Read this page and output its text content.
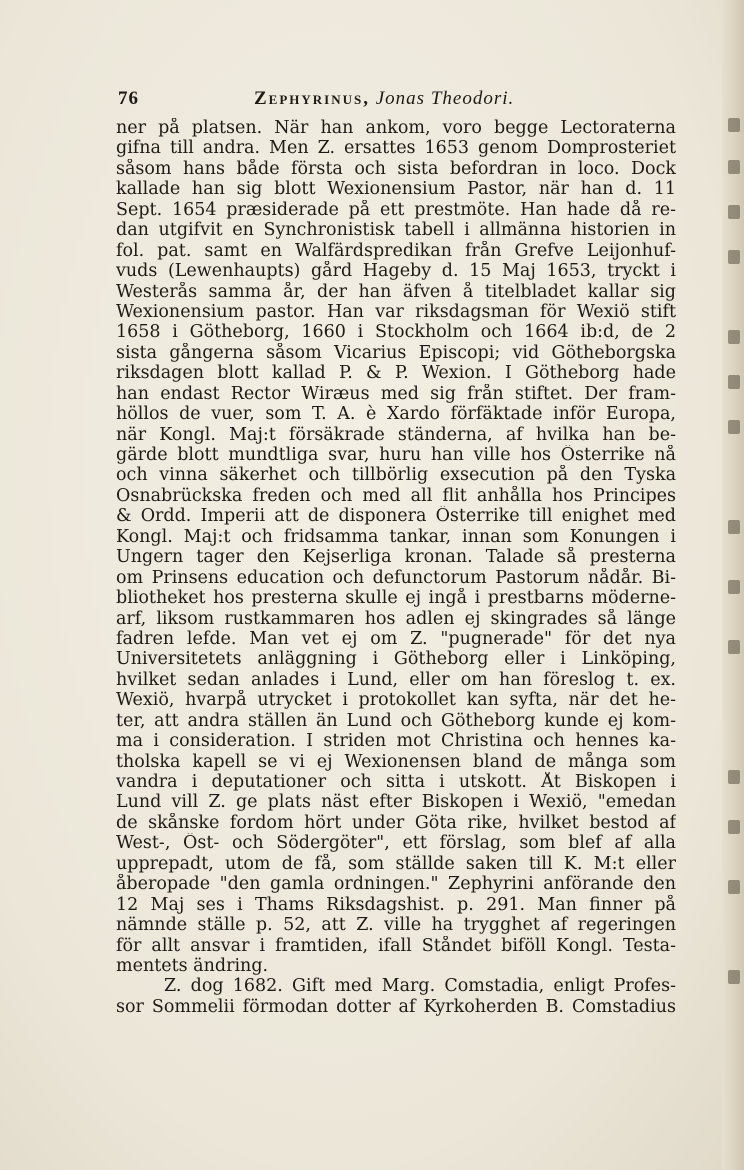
76	Zephyrinus, Jonas Theodori.
ner på platsen. När han ankom, voro begge Lectoraterna
gifna till andra. Men Z. ersattes 1653 genom Domprosteriet
såsom hans både första och sista befordran in loco. Dock
kallade han sig blott Wexionensium Pastor, när han d. 11
Sept. 1654 præsiderade på ett prestmöte. Han hade då re-
dan utgifvit en Synchronistisk tabell i allmänna historien in
fol. pat. samt en Walfärdspredikan från Grefve Leijonhuf-
vuds (Lewenhaupts) gård Hageby d. 15 Maj 1653, tryckt i
Westerås samma år, der han äfven å titelbladet kallar sig
Wexionensium pastor. Han var riksdagsman för Wexiö stift
1658 i Götheborg, 1660 i Stockholm och 1664 ib:d, de 2
sista gångerna såsom Vicarius Episcopi; vid Götheborgska
riksdagen blott kallad P. & P. Wexion. I Götheborg hade
han endast Rector Wiræus med sig från stiftet. Der fram-
höllos de vuer, som T. A. è Xardo förfäktade inför Europa,
när Kongl. Maj:t försäkrade ständerna, af hvilka han be-
gärde blott mundtliga svar, huru han ville hos Österrike nå
och vinna säkerhet och tillbörlig exsecution på den Tyska
Osnabrückska freden och med all flit anhålla hos Principes
& Ordd. Imperii att de disponera Österrike till enighet med
Kongl. Maj:t och fridsamma tankar, innan som Konungen i
Ungern tager den Kejserliga kronan. Talade så presterna
om Prinsens education och defunctorum Pastorum nådår. Bi-
bliotheket hos presterna skulle ej ingå i prestbarns möderne-
arf, liksom rustkammaren hos adlen ej skingrades så länge
fadren lefde. Man vet ej om Z. "pugnerade" för det nya
Universitetets anläggning i Götheborg eller i Linköping,
hvilket sedan anlades i Lund, eller om han föreslog t. ex.
Wexiö, hvarpå utrycket i protokollet kan syfta, när det he-
ter, att andra ställen än Lund och Götheborg kunde ej kom-
ma i consideration. I striden mot Christina och hennes ka-
tholska kapell se vi ej Wexionensen bland de många som
vandra i deputationer och sitta i utskott. Åt Biskopen i
Lund vill Z. ge plats näst efter Biskopen i Wexiö, "emedan
de skånske fordom hört under Göta rike, hvilket bestod af
West-, Öst- och Södergöter", ett förslag, som blef af alla
upprepadt, utom de få, som ställde saken till K. M:t eller
åberopade "den gamla ordningen." Zephyrini anförande den
12 Maj ses i Thams Riksdagshist. p. 291. Man finner på
nämnde ställe p. 52, att Z. ville ha trygghet af regeringen
för allt ansvar i framtiden, ifall Ståndet biföll Kongl. Testa-
mentets ändring.
Z. dog 1682. Gift med Marg. Comstadia, enligt Profes-
sor Sommelii förmodan dotter af Kyrkoherden B. Comstadius
